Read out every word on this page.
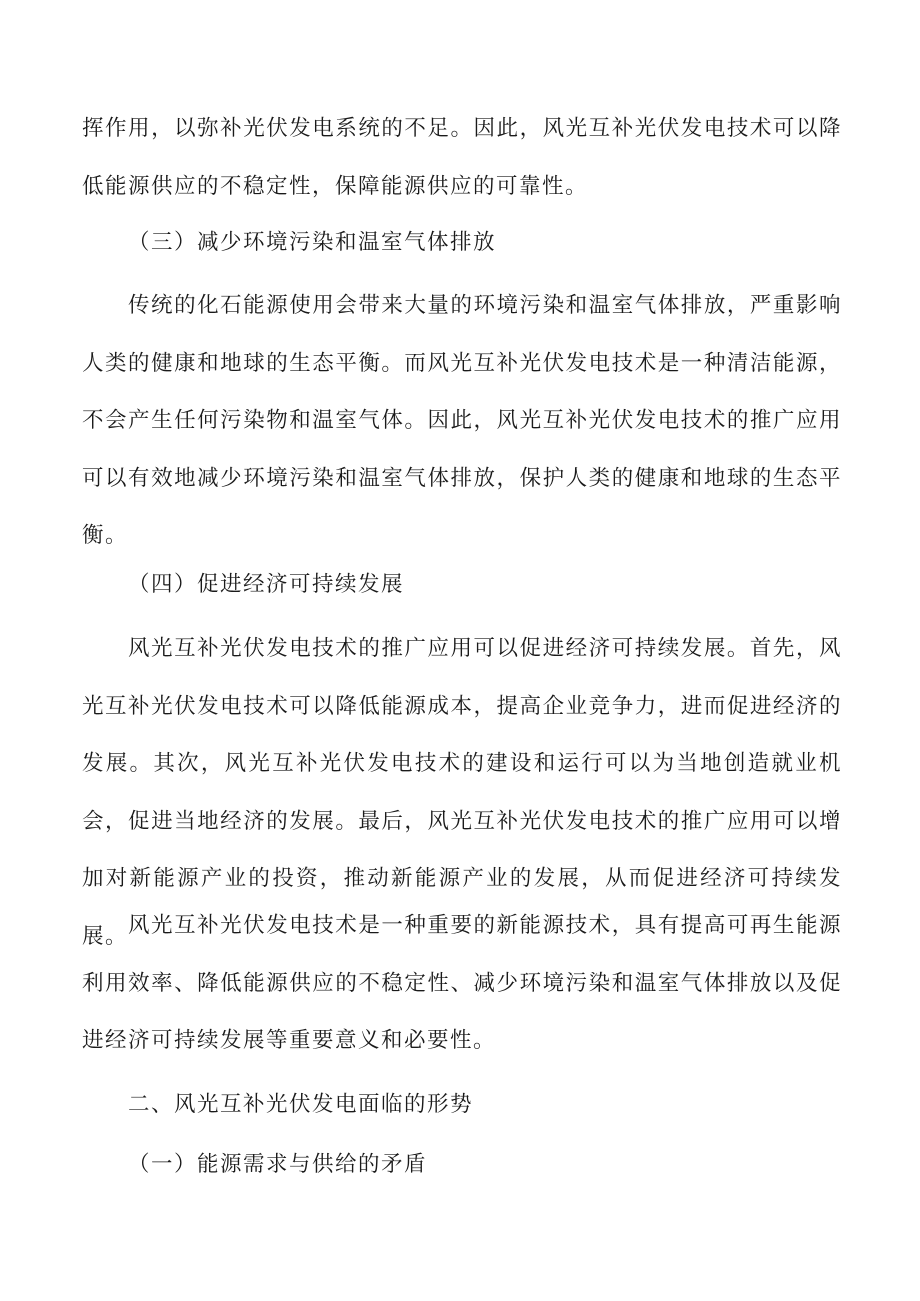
挥作用，以弥补光伏发电系统的不足。因此，风光互补光伏发电技术可以降低能源供应的不稳定性，保障能源供应的可靠性。

（三）减少环境污染和温室气体排放

传统的化石能源使用会带来大量的环境污染和温室气体排放，严重影响人类的健康和地球的生态平衡。而风光互补光伏发电技术是一种清洁能源，不会产生任何污染物和温室气体。因此，风光互补光伏发电技术的推广应用可以有效地减少环境污染和温室气体排放，保护人类的健康和地球的生态平衡。

（四）促进经济可持续发展

风光互补光伏发电技术的推广应用可以促进经济可持续发展。首先，风光互补光伏发电技术可以降低能源成本，提高企业竞争力，进而促进经济的发展。其次，风光互补光伏发电技术的建设和运行可以为当地创造就业机会，促进当地经济的发展。最后，风光互补光伏发电技术的推广应用可以增加对新能源产业的投资，推动新能源产业的发展，从而促进经济可持续发展。 风光互补光伏发电技术是一种重要的新能源技术，具有提高可再生能源利用效率、降低能源供应的不稳定性、减少环境污染和温室气体排放以及促进经济可持续发展等重要意义和必要性。

二、风光互补光伏发电面临的形势

（一）能源需求与供给的矛盾
